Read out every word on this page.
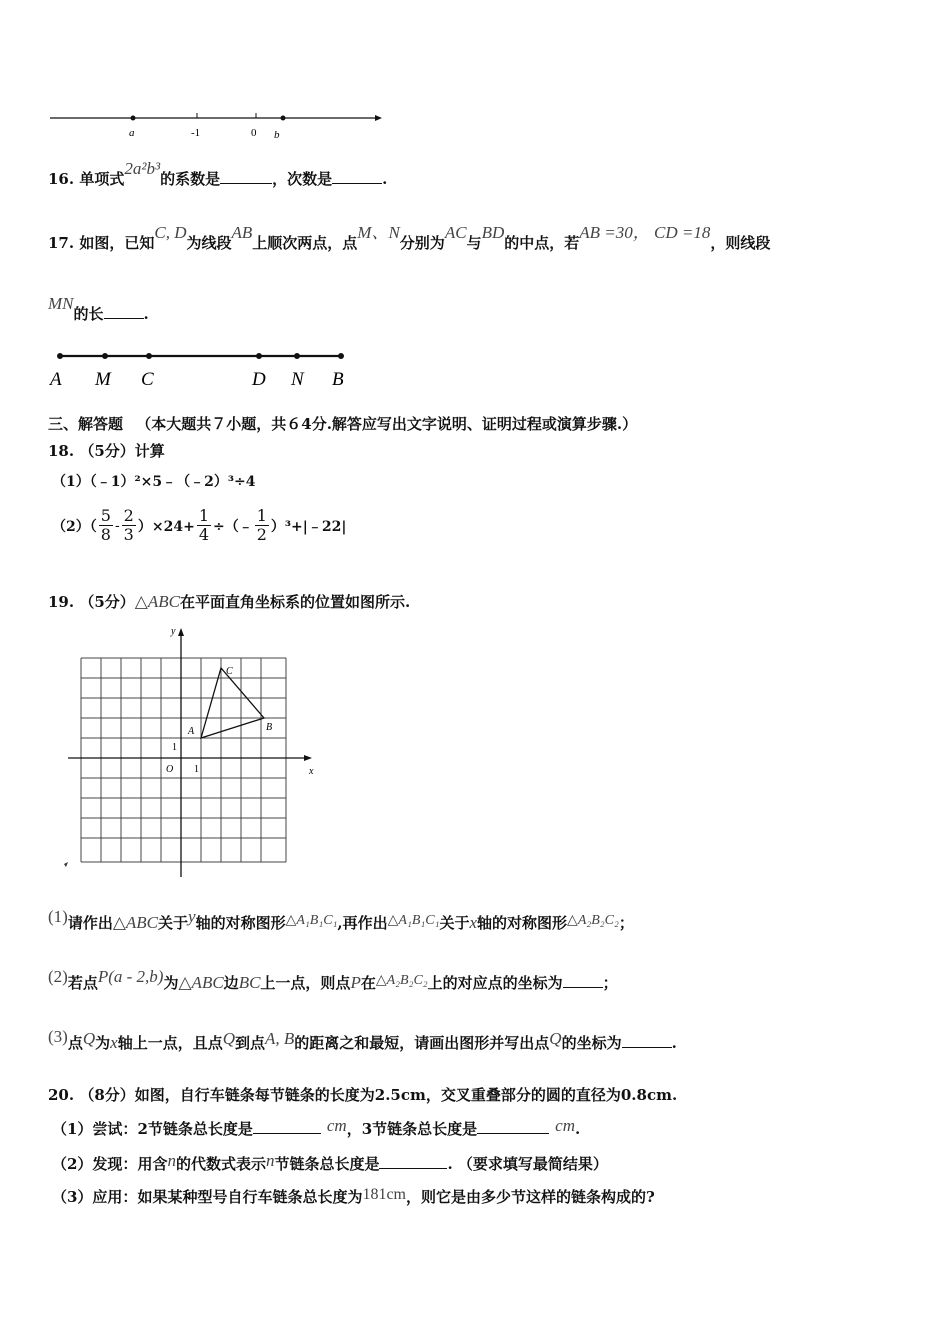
a	-1	0 b
16. 单项式2a²b³的系数是	，次数是	.
17. 如图，已知C, D为线段AB上顺次两点，点M、N分别为AC与BD的中点，若AB =30， CD =18，则线段
MN的长	.
A M C	D N B
三、解答题 （本大题共７小题，共６4分.解答应写出文字说明、证明过程或演算步骤.）
18. （5分）计算
（1）（﹣1）²×5﹣（﹣2）³÷4
$(2)( \frac{5}{8} - \frac{2}{3} )\times 24+ \frac{1}{4}$ ÷（﹣ $\frac{1}{2}$ ）³+|﹣22|
19. （5分）△ABC在平面直角坐标系的位置如图所示.
y
x
O
A	B
C
1
1
(1)请作出△ABC关于y轴的对称图形△A₁B₁C₁,再作出△A₁B₁C₁关于x轴的对称图形△A₂B₂C₂；
(2)若点P(a - 2,b)为△ABC边BC上一点，则点P在△A₂B₂C₂上的对应点的坐标为	；
(3)点Q为x轴上一点，且点Q到点A, B的距离之和最短，请画出图形并写出点Q的坐标为	.
20. （8分）如图，自行车链条每节链条的长度为2.5cm，交叉重叠部分的圆的直径为0.8cm.
（1）尝试：2节链条总长度是	cm，3节链条总长度是	cm.
（2）发现：用含n的代数式表示n节链条总长度是	. （要求填写最简结果）
（3）应用：如果某种型号自行车链条总长度为181cm，则它是由多少节这样的链条构成的?
